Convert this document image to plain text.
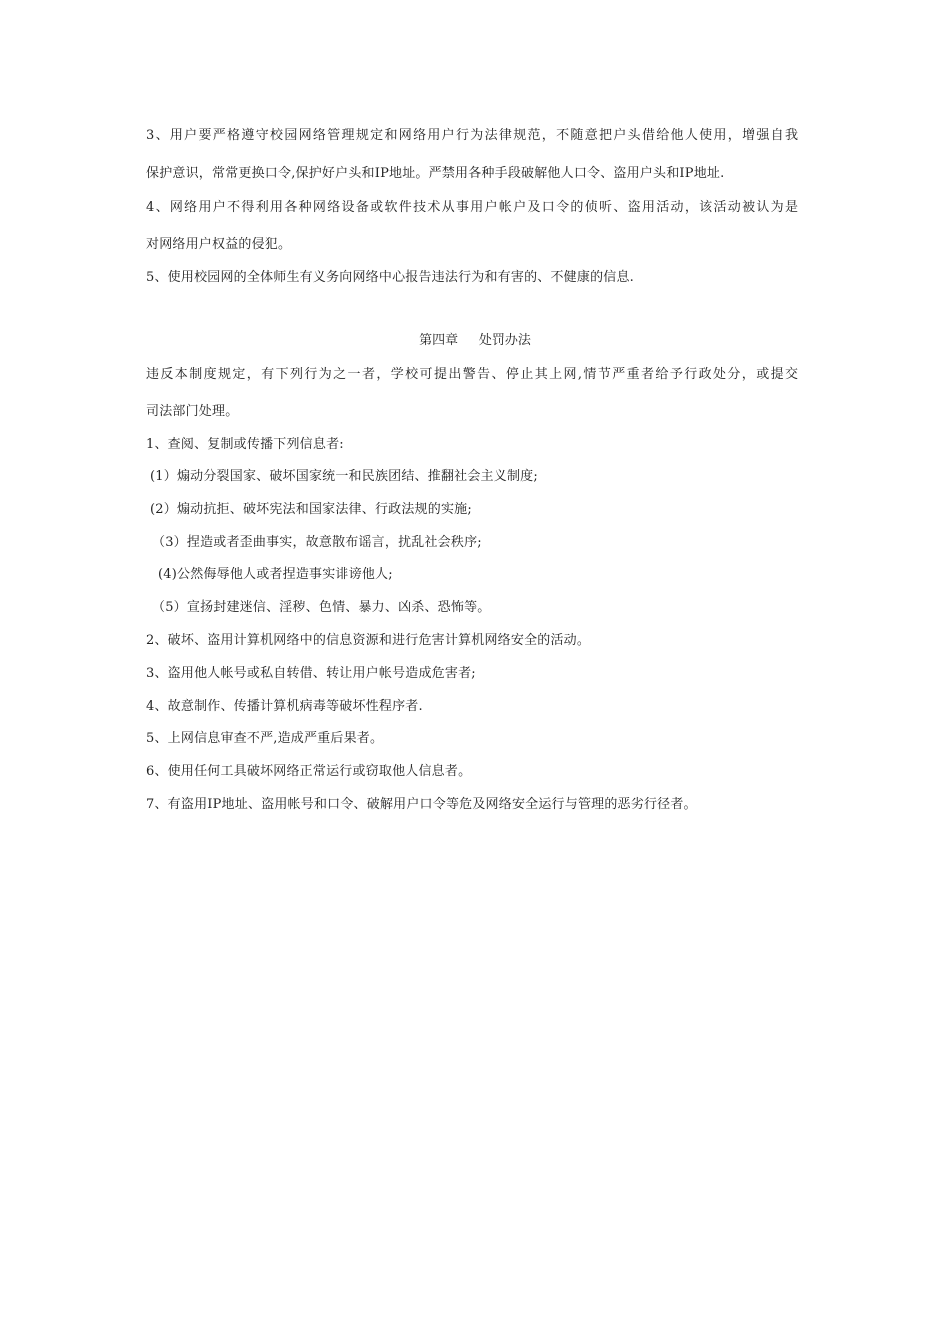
3、用户要严格遵守校园网络管理规定和网络用户行为法律规范，不随意把户头借给他人使用，增强自我
保护意识，常常更换口令,保护好户头和IP地址。严禁用各种手段破解他人口令、盗用户头和IP地址.
4、网络用户不得利用各种网络设备或软件技术从事用户帐户及口令的侦听、盗用活动，该活动被认为是
对网络用户权益的侵犯。
5、使用校园网的全体师生有义务向网络中心报告违法行为和有害的、不健康的信息.
第四章     处罚办法
违反本制度规定，有下列行为之一者，学校可提出警告、停止其上网,情节严重者给予行政处分，或提交
司法部门处理。
1、查阅、复制或传播下列信息者:
(1）煽动分裂国家、破坏国家统一和民族团结、推翻社会主义制度;
(2）煽动抗拒、破坏宪法和国家法律、行政法规的实施;
（3）捏造或者歪曲事实，故意散布谣言，扰乱社会秩序;
(4)公然侮辱他人或者捏造事实诽谤他人;
（5）宣扬封建迷信、淫秽、色情、暴力、凶杀、恐怖等。
2、破坏、盗用计算机网络中的信息资源和进行危害计算机网络安全的活动。
3、盗用他人帐号或私自转借、转让用户帐号造成危害者;
4、故意制作、传播计算机病毒等破坏性程序者.
5、上网信息审查不严,造成严重后果者。
6、使用任何工具破坏网络正常运行或窃取他人信息者。
7、有盗用IP地址、盗用帐号和口令、破解用户口令等危及网络安全运行与管理的恶劣行径者。
